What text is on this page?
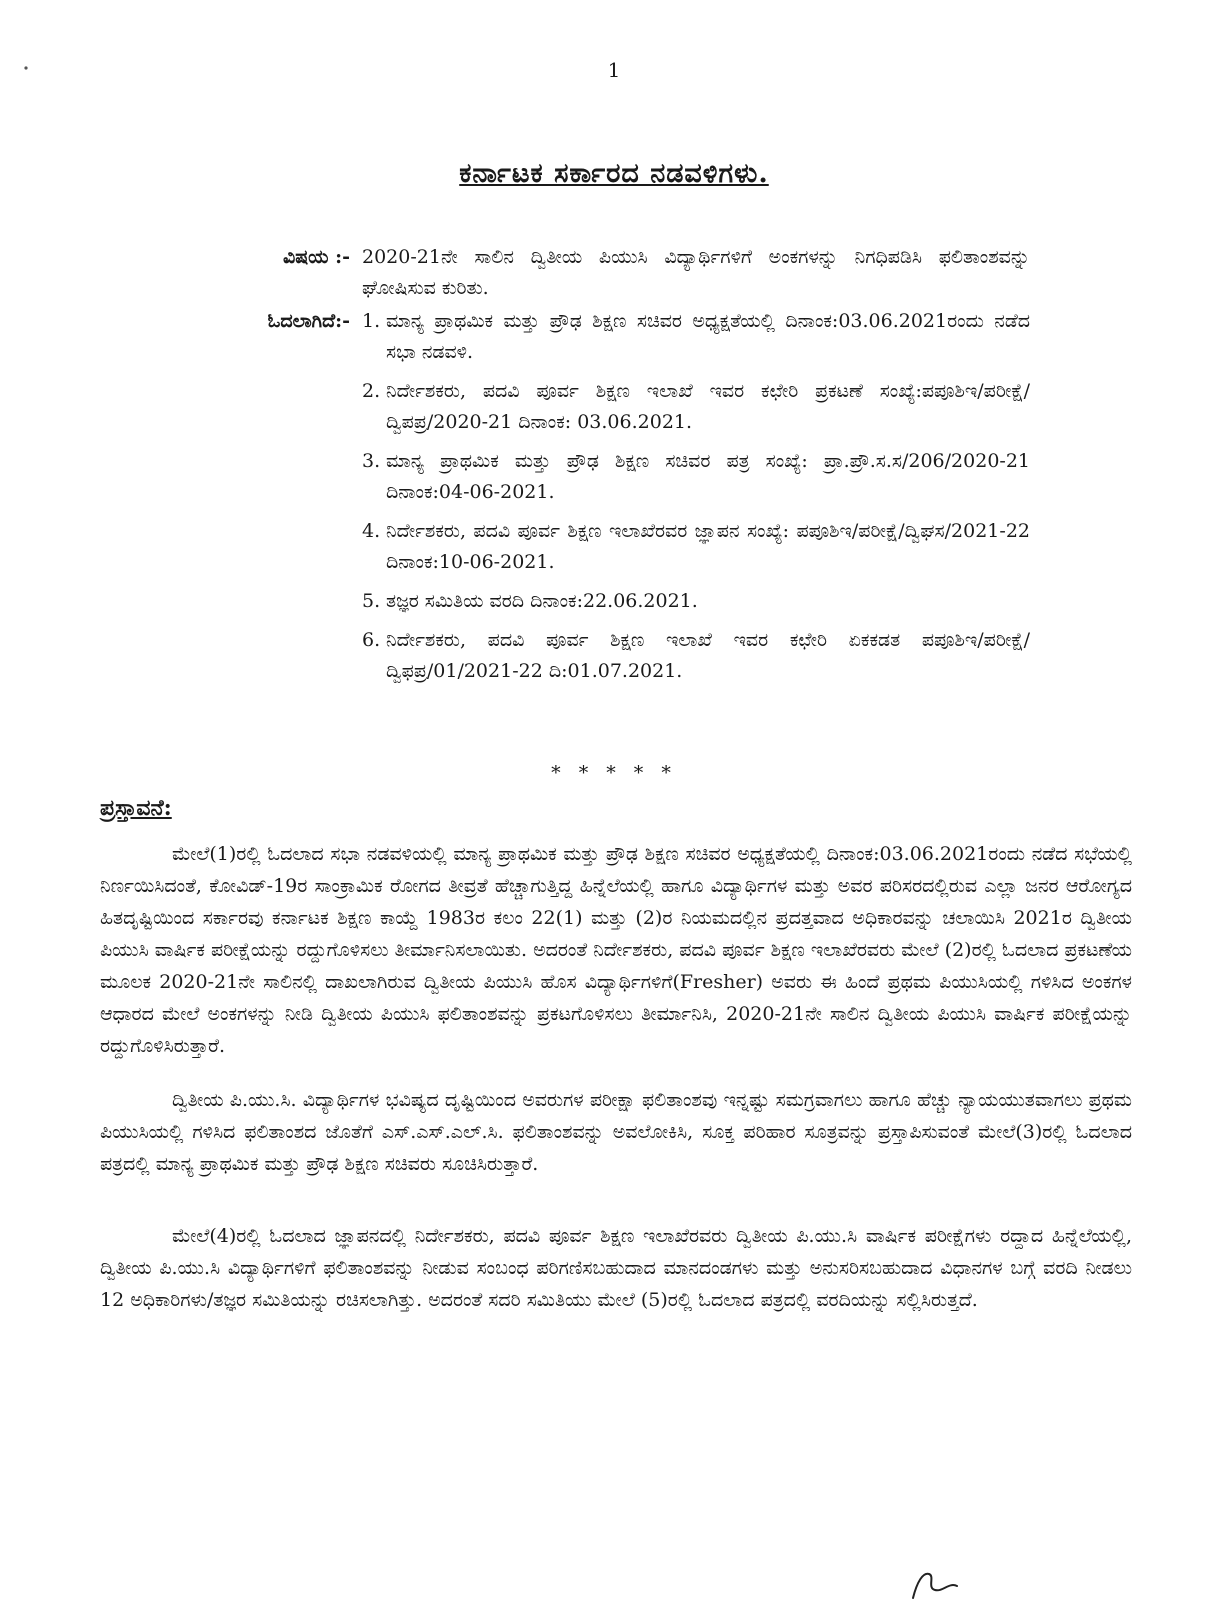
1
ಕರ್ನಾಟಕ ಸರ್ಕಾರದ ನಡವಳಿಗಳು.
ವಿಷಯ :- 2020-21ನೇ ಸಾಲಿನ ದ್ವಿತೀಯ ಪಿಯುಸಿ ವಿದ್ಯಾರ್ಥಿಗಳಿಗೆ ಅಂಕಗಳನ್ನು ನಿಗಧಿಪಡಿಸಿ ಫಲಿತಾಂಶವನ್ನು ಘೋಷಿಸುವ ಕುರಿತು.
ಓದಲಾಗಿದೆ:- 1. ಮಾನ್ಯ ಪ್ರಾಥಮಿಕ ಮತ್ತು ಪ್ರೌಢ ಶಿಕ್ಷಣ ಸಚಿವರ ಅಧ್ಯಕ್ಷತೆಯಲ್ಲಿ ದಿನಾಂಕ:03.06.2021ರಂದು ನಡೆದ ಸಭಾ ನಡವಳಿ.
2. ನಿರ್ದೇಶಕರು, ಪದವಿ ಪೂರ್ವ ಶಿಕ್ಷಣ ಇಲಾಖೆ ಇವರ ಕಛೇರಿ ಪ್ರಕಟಣೆ ಸಂಖ್ಯೆ:ಪಪೂಶಿಇ/ಪರೀಕ್ಷೆ/ದ್ವಿಪಪ್ರ/2020-21 ದಿನಾಂಕ: 03.06.2021.
3. ಮಾನ್ಯ ಪ್ರಾಥಮಿಕ ಮತ್ತು ಪ್ರೌಢ ಶಿಕ್ಷಣ ಸಚಿವರ ಪತ್ರ ಸಂಖ್ಯೆ: ಪ್ರಾ.ಪ್ರೌ.ಸ.ಸ/206/2020-21 ದಿನಾಂಕ:04-06-2021.
4. ನಿರ್ದೇಶಕರು, ಪದವಿ ಪೂರ್ವ ಶಿಕ್ಷಣ ಇಲಾಖೆರವರ ಜ್ಞಾಪನ ಸಂಖ್ಯೆ: ಪಪೂಶಿಇ/ಪರೀಕ್ಷೆ/ದ್ವಿಘಸ/2021-22 ದಿನಾಂಕ:10-06-2021.
5. ತಜ್ಞರ ಸಮಿತಿಯ ವರದಿ ದಿನಾಂಕ:22.06.2021.
6. ನಿರ್ದೇಶಕರು, ಪದವಿ ಪೂರ್ವ ಶಿಕ್ಷಣ ಇಲಾಖೆ ಇವರ ಕಛೇರಿ ಏಕಕಡತ ಪಪೂಶಿಇ/ಪರೀಕ್ಷೆ/ದ್ವಿಫಪ್ರ/01/2021-22 ದಿ:01.07.2021.
* * * * *
ಪ್ರಸ್ತಾವನೆ:

ಮೇಲೆ(1)ರಲ್ಲಿ ಓದಲಾದ ಸಭಾ ನಡವಳಿಯಲ್ಲಿ ಮಾನ್ಯ ಪ್ರಾಥಮಿಕ ಮತ್ತು ಪ್ರೌಢ ಶಿಕ್ಷಣ ಸಚಿವರ ಅಧ್ಯಕ್ಷತೆಯಲ್ಲಿ ದಿನಾಂಕ:03.06.2021ರಂದು ನಡೆದ ಸಭೆಯಲ್ಲಿ ನಿರ್ಣಯಿಸಿದಂತೆ, ಕೋವಿಡ್-19ರ ಸಾಂಕ್ರಾಮಿಕ ರೋಗದ ತೀವ್ರತೆ ಹೆಚ್ಚಾಗುತ್ತಿದ್ದ ಹಿನ್ನೆಲೆಯಲ್ಲಿ ಹಾಗೂ ವಿದ್ಯಾರ್ಥಿಗಳ ಮತ್ತು ಅವರ ಪರಿಸರದಲ್ಲಿರುವ ಎಲ್ಲಾ ಜನರ ಆರೋಗ್ಯದ ಹಿತದೃಷ್ಟಿಯಿಂದ ಸರ್ಕಾರವು ಕರ್ನಾಟಕ ಶಿಕ್ಷಣ ಕಾಯ್ದೆ 1983ರ ಕಲಂ 22(1) ಮತ್ತು (2)ರ ನಿಯಮದಲ್ಲಿನ ಪ್ರದತ್ತವಾದ ಅಧಿಕಾರವನ್ನು ಚಲಾಯಿಸಿ 2021ರ ದ್ವಿತೀಯ ಪಿಯುಸಿ ವಾರ್ಷಿಕ ಪರೀಕ್ಷೆಯನ್ನು ರದ್ದುಗೊಳಿಸಲು ತೀರ್ಮಾನಿಸಲಾಯಿತು. ಅದರಂತೆ ನಿರ್ದೇಶಕರು, ಪದವಿ ಪೂರ್ವ ಶಿಕ್ಷಣ ಇಲಾಖೆರವರು ಮೇಲೆ (2)ರಲ್ಲಿ ಓದಲಾದ ಪ್ರಕಟಣೆಯ ಮೂಲಕ 2020-21ನೇ ಸಾಲಿನಲ್ಲಿ ದಾಖಲಾಗಿರುವ ದ್ವಿತೀಯ ಪಿಯುಸಿ ಹೊಸ ವಿದ್ಯಾರ್ಥಿಗಳಿಗೆ(Fresher) ಅವರು ಈ ಹಿಂದೆ ಪ್ರಥಮ ಪಿಯುಸಿಯಲ್ಲಿ ಗಳಿಸಿದ ಅಂಕಗಳ ಆಧಾರದ ಮೇಲೆ ಅಂಕಗಳನ್ನು ನೀಡಿ ದ್ವಿತೀಯ ಪಿಯುಸಿ ಫಲಿತಾಂಶವನ್ನು ಪ್ರಕಟಗೊಳಿಸಲು ತೀರ್ಮಾನಿಸಿ, 2020-21ನೇ ಸಾಲಿನ ದ್ವಿತೀಯ ಪಿಯುಸಿ ವಾರ್ಷಿಕ ಪರೀಕ್ಷೆಯನ್ನು ರದ್ದುಗೊಳಿಸಿರುತ್ತಾರೆ.

ದ್ವಿತೀಯ ಪಿ.ಯು.ಸಿ. ವಿದ್ಯಾರ್ಥಿಗಳ ಭವಿಷ್ಯದ ದೃಷ್ಟಿಯಿಂದ ಅವರುಗಳ ಪರೀಕ್ಷಾ ಫಲಿತಾಂಶವು ಇನ್ನಷ್ಟು ಸಮಗ್ರವಾಗಲು ಹಾಗೂ ಹೆಚ್ಚು ನ್ಯಾಯಯುತವಾಗಲು ಪ್ರಥಮ ಪಿಯುಸಿಯಲ್ಲಿ ಗಳಿಸಿದ ಫಲಿತಾಂಶದ ಜೊತೆಗೆ ಎಸ್.ಎಸ್.ಎಲ್.ಸಿ. ಫಲಿತಾಂಶವನ್ನು ಅವಲೋಕಿಸಿ, ಸೂಕ್ತ ಪರಿಹಾರ ಸೂತ್ರವನ್ನು ಪ್ರಸ್ತಾಪಿಸುವಂತೆ ಮೇಲೆ(3)ರಲ್ಲಿ ಓದಲಾದ ಪತ್ರದಲ್ಲಿ ಮಾನ್ಯ ಪ್ರಾಥಮಿಕ ಮತ್ತು ಪ್ರೌಢ ಶಿಕ್ಷಣ ಸಚಿವರು ಸೂಚಿಸಿರುತ್ತಾರೆ.

ಮೇಲೆ(4)ರಲ್ಲಿ ಓದಲಾದ ಜ್ಞಾಪನದಲ್ಲಿ ನಿರ್ದೇಶಕರು, ಪದವಿ ಪೂರ್ವ ಶಿಕ್ಷಣ ಇಲಾಖೆರವರು ದ್ವಿತೀಯ ಪಿ.ಯು.ಸಿ ವಾರ್ಷಿಕ ಪರೀಕ್ಷೆಗಳು ರದ್ದಾದ ಹಿನ್ನೆಲೆಯಲ್ಲಿ, ದ್ವಿತೀಯ ಪಿ.ಯು.ಸಿ ವಿದ್ಯಾರ್ಥಿಗಳಿಗೆ ಫಲಿತಾಂಶವನ್ನು ನೀಡುವ ಸಂಬಂಧ ಪರಿಗಣಿಸಬಹುದಾದ ಮಾನದಂಡಗಳು ಮತ್ತು ಅನುಸರಿಸಬಹುದಾದ ವಿಧಾನಗಳ ಬಗ್ಗೆ ವರದಿ ನೀಡಲು 12 ಅಧಿಕಾರಿಗಳು/ತಜ್ಞರ ಸಮಿತಿಯನ್ನು ರಚಿಸಲಾಗಿತ್ತು. ಅದರಂತೆ ಸದರಿ ಸಮಿತಿಯು ಮೇಲೆ (5)ರಲ್ಲಿ ಓದಲಾದ ಪತ್ರದಲ್ಲಿ ವರದಿಯನ್ನು ಸಲ್ಲಿಸಿರುತ್ತದೆ.
